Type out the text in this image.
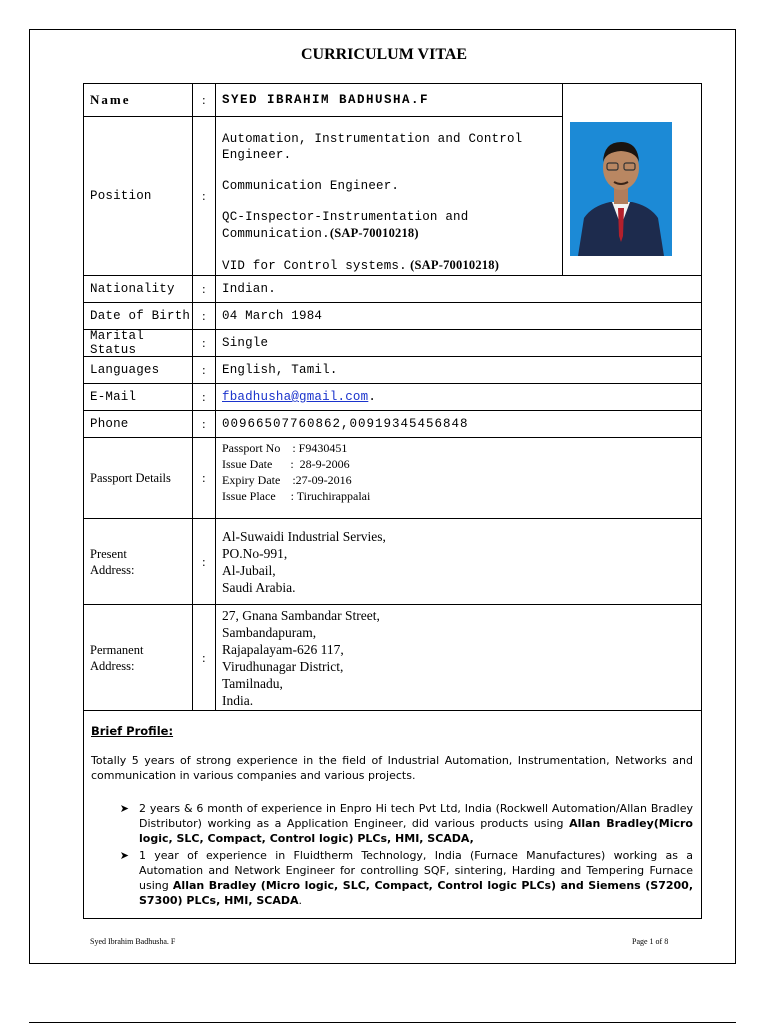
CURRICULUM VITAE
Name	:	SYED IBRAHIM BADHUSHA.F
Position	:
Automation, Instrumentation and Control
Engineer.
Communication Engineer.
QC-Inspector-Instrumentation and
Communication.(SAP-70010218)
VID for Control systems. (SAP-70010218)
Nationality	:	Indian.
Date of Birth :	04 March 1984
Marital Status	:	Single
Languages	:	English, Tamil.
E-Mail	:	fbadhusha@gmail.com .
Phone	:	00966507760862,00919345456848
Passport Details	:
Passport No    : F9430451
Issue Date      :  28-9-2006
Expiry Date    :27-09-2016
Issue Place     : Tiruchirappalai
Present
Address:
:
Al-Suwaidi Industrial Servies,
PO.No-991,
Al-Jubail,
Saudi Arabia.
Permanent
Address:
:
27, Gnana Sambandar Street,
Sambandapuram,
Rajapalayam-626 117,
Virudhunagar District,
Tamilnadu,
India.
Brief Profile:
Totally 5 years of strong experience in the field of Industrial Automation, Instrumentation, Networks and communication in various companies and various projects.
➤ 2 years & 6 month of experience in Enpro Hi tech Pvt Ltd, India (Rockwell Automation/Allan Bradley Distributor) working as a Application Engineer, did various products using Allan Bradley(Micro logic, SLC, Compact, Control logic) PLCs, HMI, SCADA,
➤ 1 year of experience in Fluidtherm Technology, India (Furnace Manufactures) working as a Automation and Network Engineer for controlling SQF, sintering, Harding and Tempering Furnace using Allan Bradley (Micro logic, SLC, Compact, Control logic PLCs) and Siemens (S7200, S7300) PLCs, HMI, SCADA.
Syed Ibrahim Badhusha. F	Page 1 of 8
